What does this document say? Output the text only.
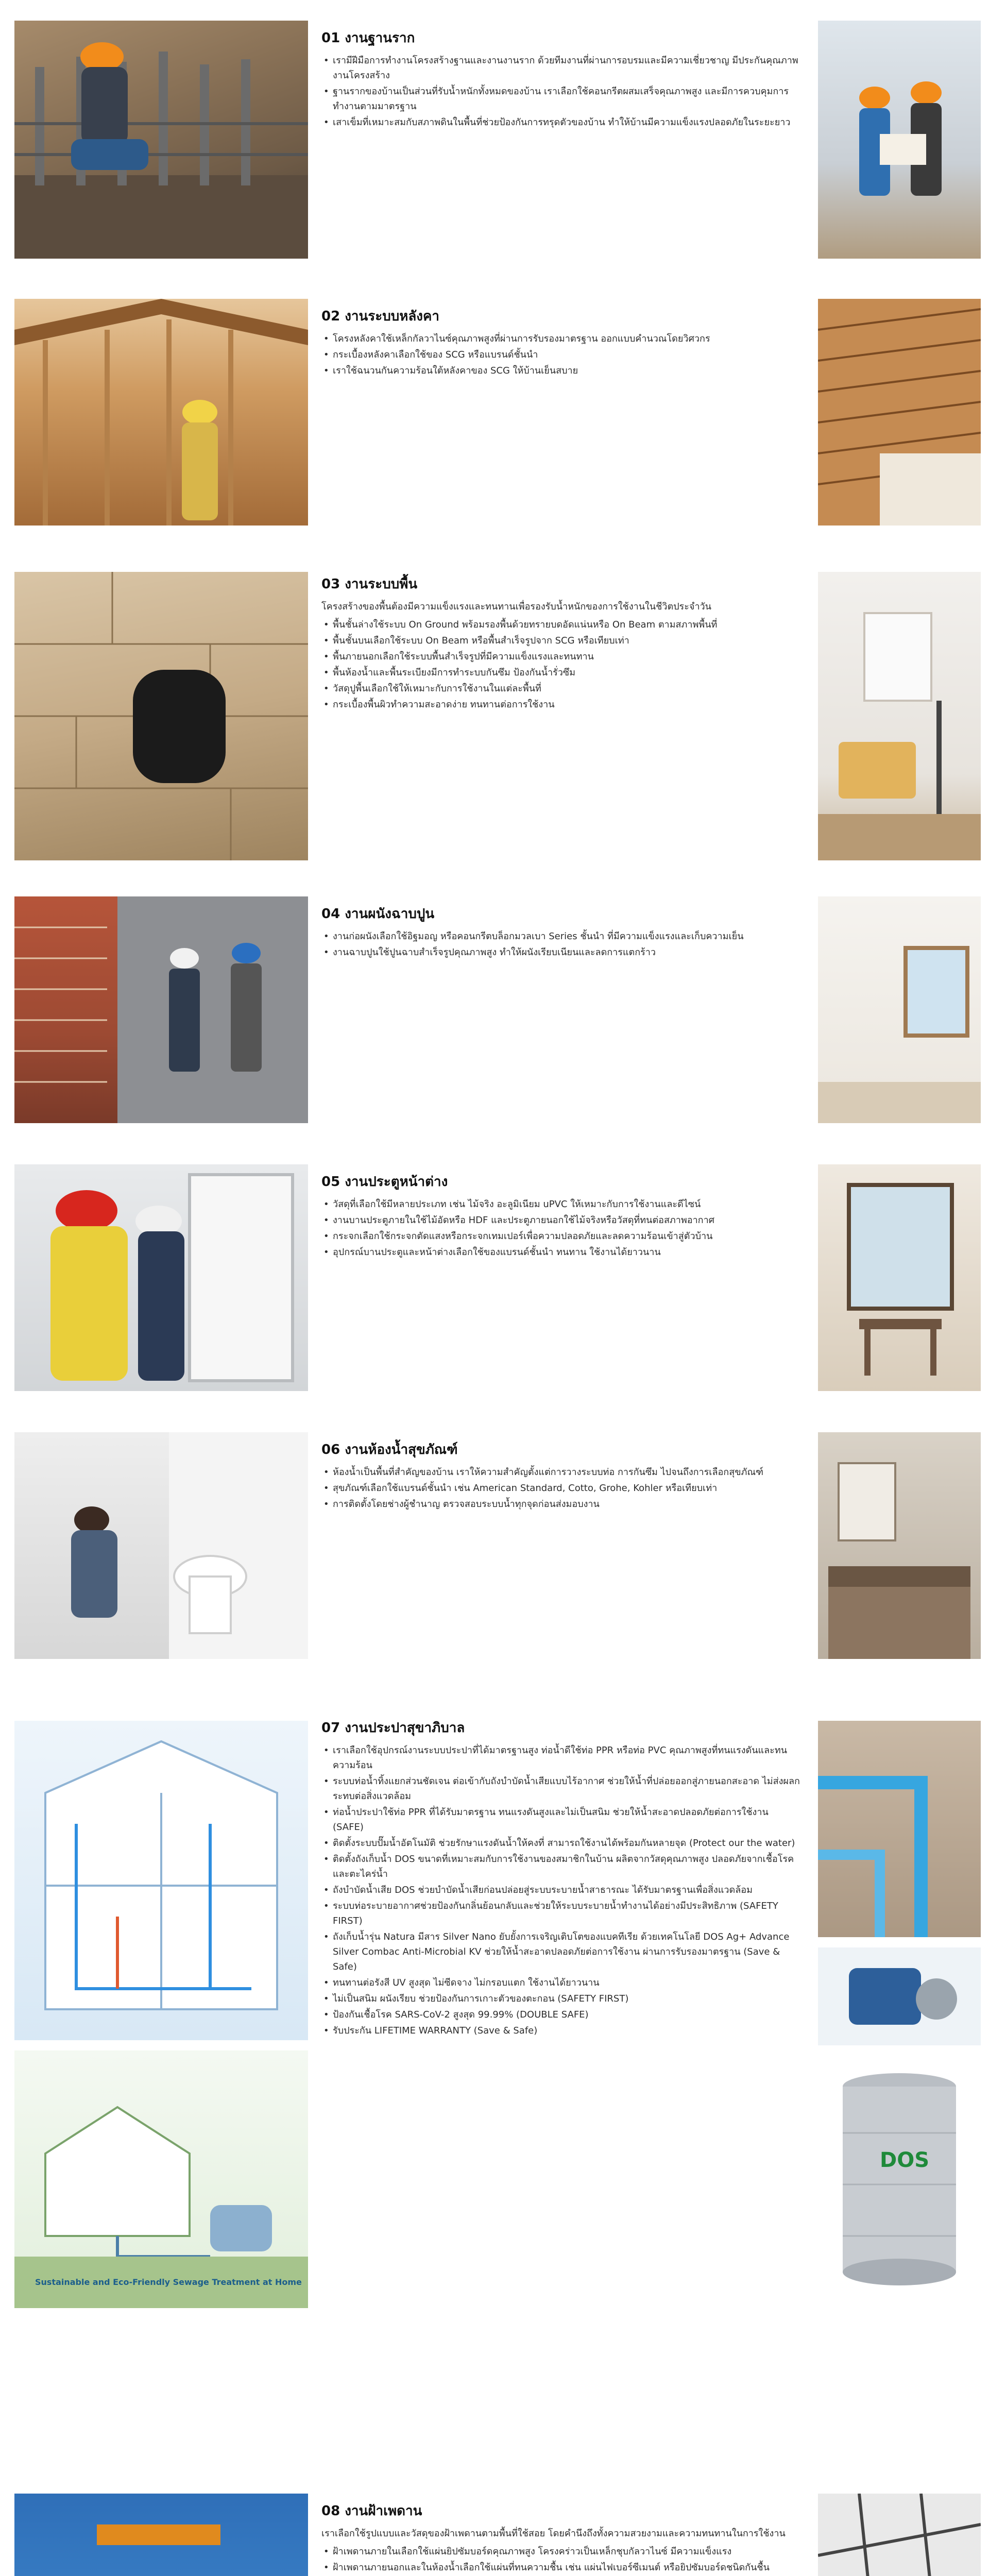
01 งานฐานราก
• เรามีฝีมือการทำงานโครงสร้างฐานและงานงานราก ด้วยทีมงานที่ผ่านการอบรมและมีความเชี่ยวชาญ มีประกันคุณภาพงานโครงสร้าง
• ฐานรากของบ้านเป็นส่วนที่รับน้ำหนักทั้งหมดของบ้าน เราเลือกใช้คอนกรีตผสมเสร็จคุณภาพสูง และมีการควบคุมการทำงานตามมาตรฐาน
• เสาเข็มที่เหมาะสมกับสภาพดินในพื้นที่ช่วยป้องกันการทรุดตัวของบ้าน ทำให้บ้านมีความแข็งแรงปลอดภัยในระยะยาว
02 งานระบบหลังคา
• โครงหลังคาใช้เหล็กกัลวาไนซ์คุณภาพสูงที่ผ่านการรับรองมาตรฐาน ออกแบบคำนวณโดยวิศวกร
• กระเบื้องหลังคาเลือกใช้ของ SCG หรือแบรนด์ชั้นนำ
• เราใช้ฉนวนกันความร้อนใต้หลังคาของ SCG ให้บ้านเย็นสบาย
03 งานระบบพื้น

โครงสร้างของพื้นต้องมีความแข็งแรงและทนทานเพื่อรองรับน้ำหนักของการใช้งานในชีวิตประจำวัน

• พื้นชั้นล่างใช้ระบบ On Ground พร้อมรองพื้นด้วยทรายบดอัดแน่นหรือ On Beam ตามสภาพพื้นที่
• พื้นชั้นบนเลือกใช้ระบบ On Beam หรือพื้นสำเร็จรูปจาก SCG หรือเทียบเท่า
• พื้นภายนอกเลือกใช้ระบบพื้นสำเร็จรูปที่มีความแข็งแรงและทนทาน
• พื้นห้องน้ำและพื้นระเบียงมีการทำระบบกันซึม ป้องกันน้ำรั่วซึม
• วัสดุปูพื้นเลือกใช้ให้เหมาะกับการใช้งานในแต่ละพื้นที่
• กระเบื้องพื้นผิวทำความสะอาดง่าย ทนทานต่อการใช้งาน
04 งานผนังฉาบปูน
• งานก่อผนังเลือกใช้อิฐมอญ หรือคอนกรีตบล็อกมวลเบา Series ชั้นนำ ที่มีความแข็งแรงและเก็บความเย็น
• งานฉาบปูนใช้ปูนฉาบสำเร็จรูปคุณภาพสูง ทำให้ผนังเรียบเนียนและลดการแตกร้าว
05 งานประตูหน้าต่าง
• วัสดุที่เลือกใช้มีหลายประเภท เช่น ไม้จริง อะลูมิเนียม uPVC ให้เหมาะกับการใช้งานและดีไซน์
• งานบานประตูภายในใช้ไม้อัดหรือ HDF และประตูภายนอกใช้ไม้จริงหรือวัสดุที่ทนต่อสภาพอากาศ
• กระจกเลือกใช้กระจกตัดแสงหรือกระจกเทมเปอร์เพื่อความปลอดภัยและลดความร้อนเข้าสู่ตัวบ้าน
• อุปกรณ์บานประตูและหน้าต่างเลือกใช้ของแบรนด์ชั้นนำ ทนทาน ใช้งานได้ยาวนาน
06 งานห้องน้ำสุขภัณฑ์
• ห้องน้ำเป็นพื้นที่สำคัญของบ้าน เราให้ความสำคัญตั้งแต่การวางระบบท่อ การกันซึม ไปจนถึงการเลือกสุขภัณฑ์
• สุขภัณฑ์เลือกใช้แบรนด์ชั้นนำ เช่น American Standard, Cotto, Grohe, Kohler หรือเทียบเท่า
• การติดตั้งโดยช่างผู้ชำนาญ ตรวจสอบระบบน้ำทุกจุดก่อนส่งมอบงาน
Sustainable and Eco-Friendly Sewage Treatment at Home
07 งานประปาสุขาภิบาล
• เราเลือกใช้อุปกรณ์งานระบบประปาที่ได้มาตรฐานสูง ท่อน้ำดีใช้ท่อ PPR หรือท่อ PVC คุณภาพสูงที่ทนแรงดันและทนความร้อน
• ระบบท่อน้ำทิ้งแยกส่วนชัดเจน ต่อเข้ากับถังบำบัดน้ำเสียแบบไร้อากาศ ช่วยให้น้ำที่ปล่อยออกสู่ภายนอกสะอาด ไม่ส่งผลกระทบต่อสิ่งแวดล้อม
• ท่อน้ำประปาใช้ท่อ PPR ที่ได้รับมาตรฐาน ทนแรงดันสูงและไม่เป็นสนิม ช่วยให้น้ำสะอาดปลอดภัยต่อการใช้งาน (SAFE)
• ติดตั้งระบบปั๊มน้ำอัตโนมัติ ช่วยรักษาแรงดันน้ำให้คงที่ สามารถใช้งานได้พร้อมกันหลายจุด (Protect our the water)
• ติดตั้งถังเก็บน้ำ DOS ขนาดที่เหมาะสมกับการใช้งานของสมาชิกในบ้าน ผลิตจากวัสดุคุณภาพสูง ปลอดภัยจากเชื้อโรคและตะไคร่น้ำ
• ถังบำบัดน้ำเสีย DOS ช่วยบำบัดน้ำเสียก่อนปล่อยสู่ระบบระบายน้ำสาธารณะ ได้รับมาตรฐานเพื่อสิ่งแวดล้อม
• ระบบท่อระบายอากาศช่วยป้องกันกลิ่นย้อนกลับและช่วยให้ระบบระบายน้ำทำงานได้อย่างมีประสิทธิภาพ (SAFETY FIRST)
• ถังเก็บน้ำรุ่น Natura มีสาร Silver Nano ยับยั้งการเจริญเติบโตของแบคทีเรีย ด้วยเทคโนโลยี DOS Ag+ Advance Silver Combac Anti-Microbial KV ช่วยให้น้ำสะอาดปลอดภัยต่อการใช้งาน ผ่านการรับรองมาตรฐาน (Save & Safe)
• ทนทานต่อรังสี UV สูงสุด ไม่ซีดจาง ไม่กรอบแตก ใช้งานได้ยาวนาน
• ไม่เป็นสนิม ผนังเรียบ ช่วยป้องกันการเกาะตัวของตะกอน (SAFETY FIRST)
• ป้องกันเชื้อโรค SARS-CoV-2 สูงสุด 99.99% (DOUBLE SAFE)
• รับประกัน LIFETIME WARRANTY (Save & Safe)
DOS
08 งานฝ้าเพดาน

เราเลือกใช้รูปแบบและวัสดุของฝ้าเพดานตามพื้นที่ใช้สอย โดยคำนึงถึงทั้งความสวยงามและความทนทานในการใช้งาน

• ฝ้าเพดานภายในเลือกใช้แผ่นยิปซัมบอร์ดคุณภาพสูง โครงคร่าวเป็นเหล็กชุบกัลวาไนซ์ มีความแข็งแรง
• ฝ้าเพดานภายนอกและในห้องน้ำเลือกใช้แผ่นที่ทนความชื้น เช่น แผ่นไฟเบอร์ซีเมนต์ หรือยิปซัมบอร์ดชนิดกันชื้น
